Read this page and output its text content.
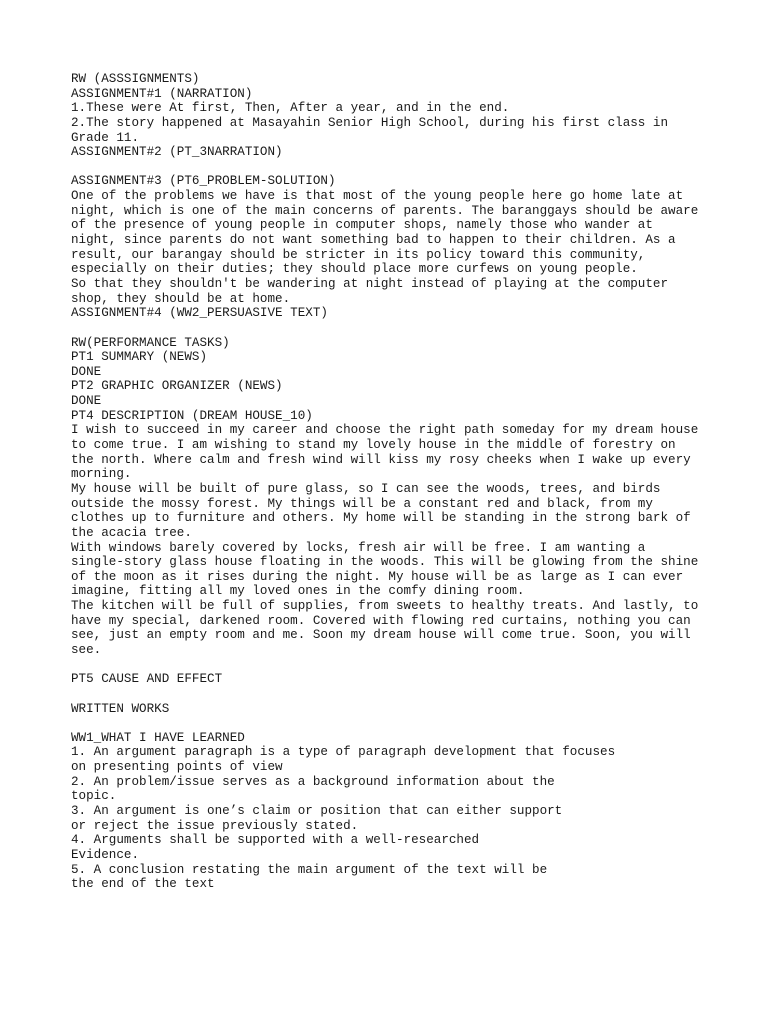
RW (ASSSIGNMENTS)
ASSIGNMENT#1 (NARRATION)
1.These were At first, Then, After a year, and in the end.
2.The story happened at Masayahin Senior High School, during his first class in
Grade 11.
ASSIGNMENT#2 (PT_3NARRATION)
ASSIGNMENT#3 (PT6_PROBLEM-SOLUTION)
One of the problems we have is that most of the young people here go home late at
night, which is one of the main concerns of parents. The baranggays should be aware
of the presence of young people in computer shops, namely those who wander at
night, since parents do not want something bad to happen to their children. As a
result, our barangay should be stricter in its policy toward this community,
especially on their duties; they should place more curfews on young people.
So that they shouldn't be wandering at night instead of playing at the computer
shop, they should be at home.
ASSIGNMENT#4 (WW2_PERSUASIVE TEXT)
RW(PERFORMANCE TASKS)
PT1 SUMMARY (NEWS)
DONE
PT2 GRAPHIC ORGANIZER (NEWS)
DONE
PT4 DESCRIPTION (DREAM HOUSE_10)
I wish to succeed in my career and choose the right path someday for my dream house
to come true. I am wishing to stand my lovely house in the middle of forestry on
the north. Where calm and fresh wind will kiss my rosy cheeks when I wake up every
morning.
My house will be built of pure glass, so I can see the woods, trees, and birds
outside the mossy forest. My things will be a constant red and black, from my
clothes up to furniture and others. My home will be standing in the strong bark of
the acacia tree.
With windows barely covered by locks, fresh air will be free. I am wanting a
single-story glass house floating in the woods. This will be glowing from the shine
of the moon as it rises during the night. My house will be as large as I can ever
imagine, fitting all my loved ones in the comfy dining room.
The kitchen will be full of supplies, from sweets to healthy treats. And lastly, to
have my special, darkened room. Covered with flowing red curtains, nothing you can
see, just an empty room and me. Soon my dream house will come true. Soon, you will
see.
PT5 CAUSE AND EFFECT
WRITTEN WORKS
WW1_WHAT I HAVE LEARNED
1. An argument paragraph is a type of paragraph development that focuses
on presenting points of view
2. An problem/issue serves as a background information about the
topic.
3. An argument is one’s claim or position that can either support
or reject the issue previously stated.
4. Arguments shall be supported with a well-researched
Evidence.
5. A conclusion restating the main argument of the text will be
the end of the text
